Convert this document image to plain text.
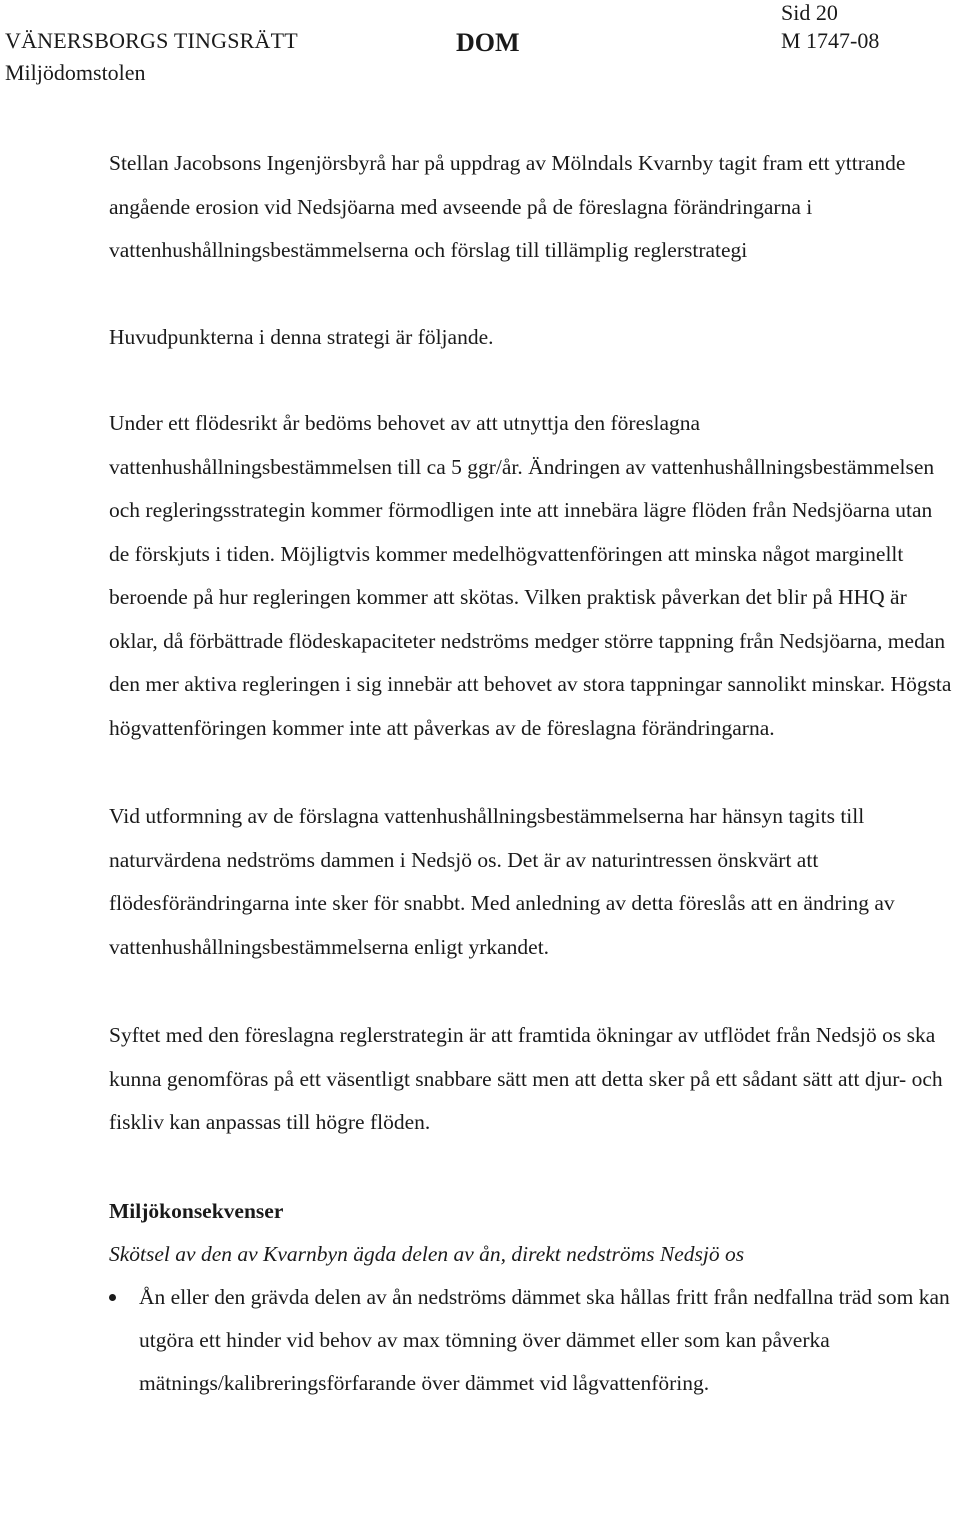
VÄNERSBORGS TINGSRÄTT
Miljödomstolen
DOM
Sid 20
M 1747-08

Stellan Jacobsons Ingenjörsbyrå har på uppdrag av Mölndals Kvarnby tagit fram ett yttrande angående erosion vid Nedsjöarna med avseende på de föreslagna förändringarna i vattenhushållningsbestämmelserna och förslag till tillämplig reglerstrategi

Huvudpunkterna i denna strategi är följande.

Under ett flödesrikt år bedöms behovet av att utnyttja den föreslagna vattenhushållningsbestämmelsen till ca 5 ggr/år. Ändringen av vattenhushållningsbestämmelsen och regleringsstrategin kommer förmodligen inte att innebära lägre flöden från Nedsjöarna utan de förskjuts i tiden. Möjligtvis kommer medelhögvattenföringen att minska något marginellt beroende på hur regleringen kommer att skötas. Vilken praktisk påverkan det blir på HHQ är oklar, då förbättrade flödeskapaciteter nedströms medger större tappning från Nedsjöarna, medan den mer aktiva regleringen i sig innebär att behovet av stora tappningar sannolikt minskar. Högsta högvattenföringen kommer inte att påverkas av de föreslagna förändringarna.

Vid utformning av de förslagna vattenhushållningsbestämmelserna har hänsyn tagits till naturvärdena nedströms dammen i Nedsjö os. Det är av naturintressen önskvärt att flödesförändringarna inte sker för snabbt. Med anledning av detta föreslås att en ändring av vattenhushållningsbestämmelserna enligt yrkandet.

Syftet med den föreslagna reglerstrategin är att framtida ökningar av utflödet från Nedsjö os ska kunna genomföras på ett väsentligt snabbare sätt men att detta sker på ett sådant sätt att djur- och fiskliv kan anpassas till högre flöden.

Miljökonsekvenser

Skötsel av den av Kvarnbyn ägda delen av ån, direkt nedströms Nedsjö os

Ån eller den grävda delen av ån nedströms dämmet ska hållas fritt från nedfallna träd som kan utgöra ett hinder vid behov av max tömning över dämmet eller som kan påverka mätnings/kalibreringsförfarande över dämmet vid lågvattenföring.
